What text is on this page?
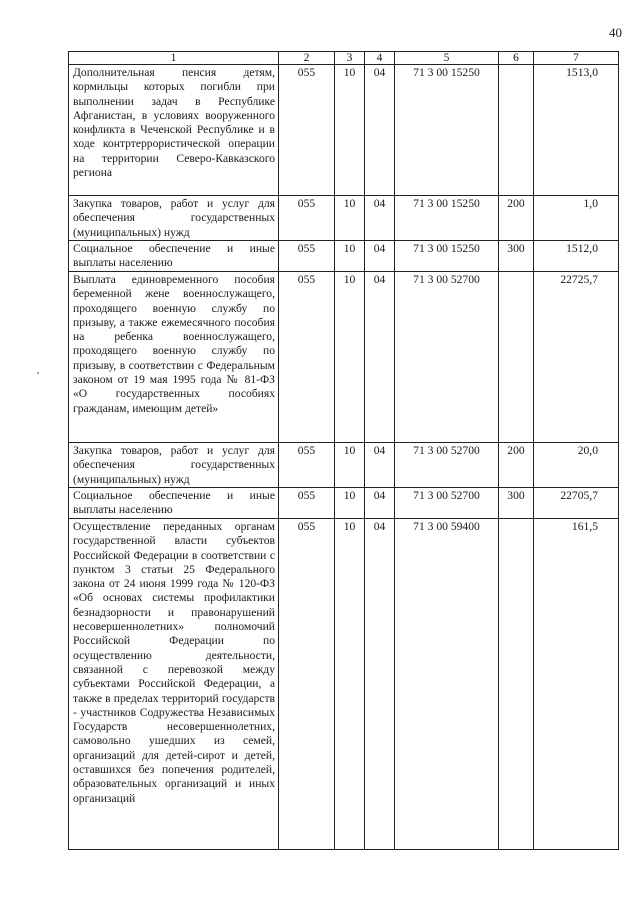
40
1	2	3	4	5	6	7
Дополнительная пенсия детям, кормильцы которых погибли при выполнении задач в Республике Афганистан, в условиях вооруженного конфликта в Чеченской Республике и в ходе контртеррористической операции на территории Северо-Кавказского региона	055	10	04	71 3 00 15250		1513,0
Закупка товаров, работ и услуг для обеспечения государственных (муниципальных) нужд	055	10	04	71 3 00 15250	200	1,0
Социальное обеспечение и иные выплаты населению	055	10	04	71 3 00 15250	300	1512,0
Выплата единовременного пособия беременной жене военнослужащего, проходящего военную службу по призыву, а также ежемесячного пособия на ребенка военнослужащего, проходящего военную службу по призыву, в соответствии с Федеральным законом от 19 мая 1995 года № 81-ФЗ «О государственных пособиях гражданам, имеющим детей»	055	10	04	71 3 00 52700		22725,7
Закупка товаров, работ и услуг для обеспечения государственных (муниципальных) нужд	055	10	04	71 3 00 52700	200	20,0
Социальное обеспечение и иные выплаты населению	055	10	04	71 3 00 52700	300	22705,7
Осуществление переданных органам государственной власти субъектов Российской Федерации в соответствии с пунктом 3 статьи 25 Федерального закона от 24 июня 1999 года № 120-ФЗ «Об основах системы профилактики безнадзорности и правонарушений несовершеннолетних» полномочий Российской Федерации по осуществлению деятельности, связанной с перевозкой между субъектами Российской Федерации, а также в пределах территорий государств - участников Содружества Независимых Государств несовершеннолетних, самовольно ушедших из семей, организаций для детей-сирот и детей, оставшихся без попечения родителей, образовательных организаций и иных организаций	055	10	04	71 3 00 59400		161,5
